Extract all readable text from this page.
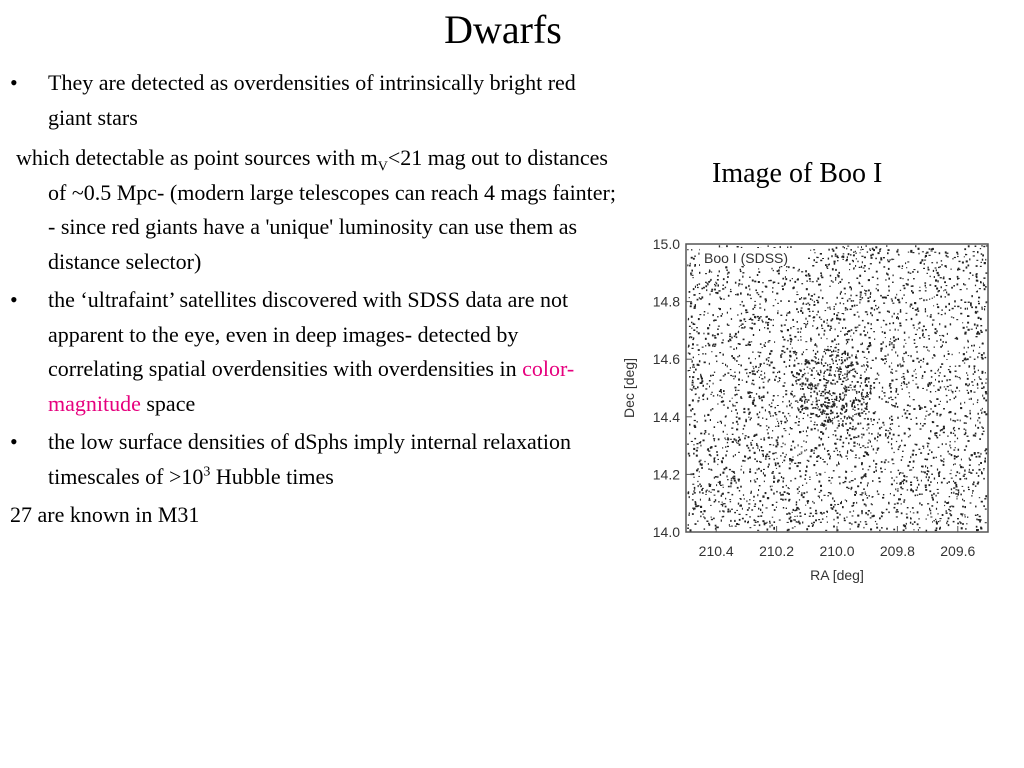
Dwarfs
•	They are detected as overdensities of intrinsically bright red giant stars
which detectable as point sources with $m_V<21$ mag out to distances of ~0.5 Mpc- (modern large telescopes can reach 4 mags fainter; - since red giants have a 'unique' luminosity can use them as distance selector)
•	the ‘ultrafaint’ satellites discovered with SDSS data are not apparent to the eye, even in deep images- detected by correlating spatial overdensities with overdensities in color-magnitude space
•	the low surface densities of dSphs imply internal relaxation timescales of $>10^3$ Hubble times
27 are known in M31
Image of Boo I
Boo I (SDSS)
15.0
14.8
14.6
14.4
14.2
14.0
210.4 210.2 210.0 209.8 209.6
RA [deg]
Dec [deg]
